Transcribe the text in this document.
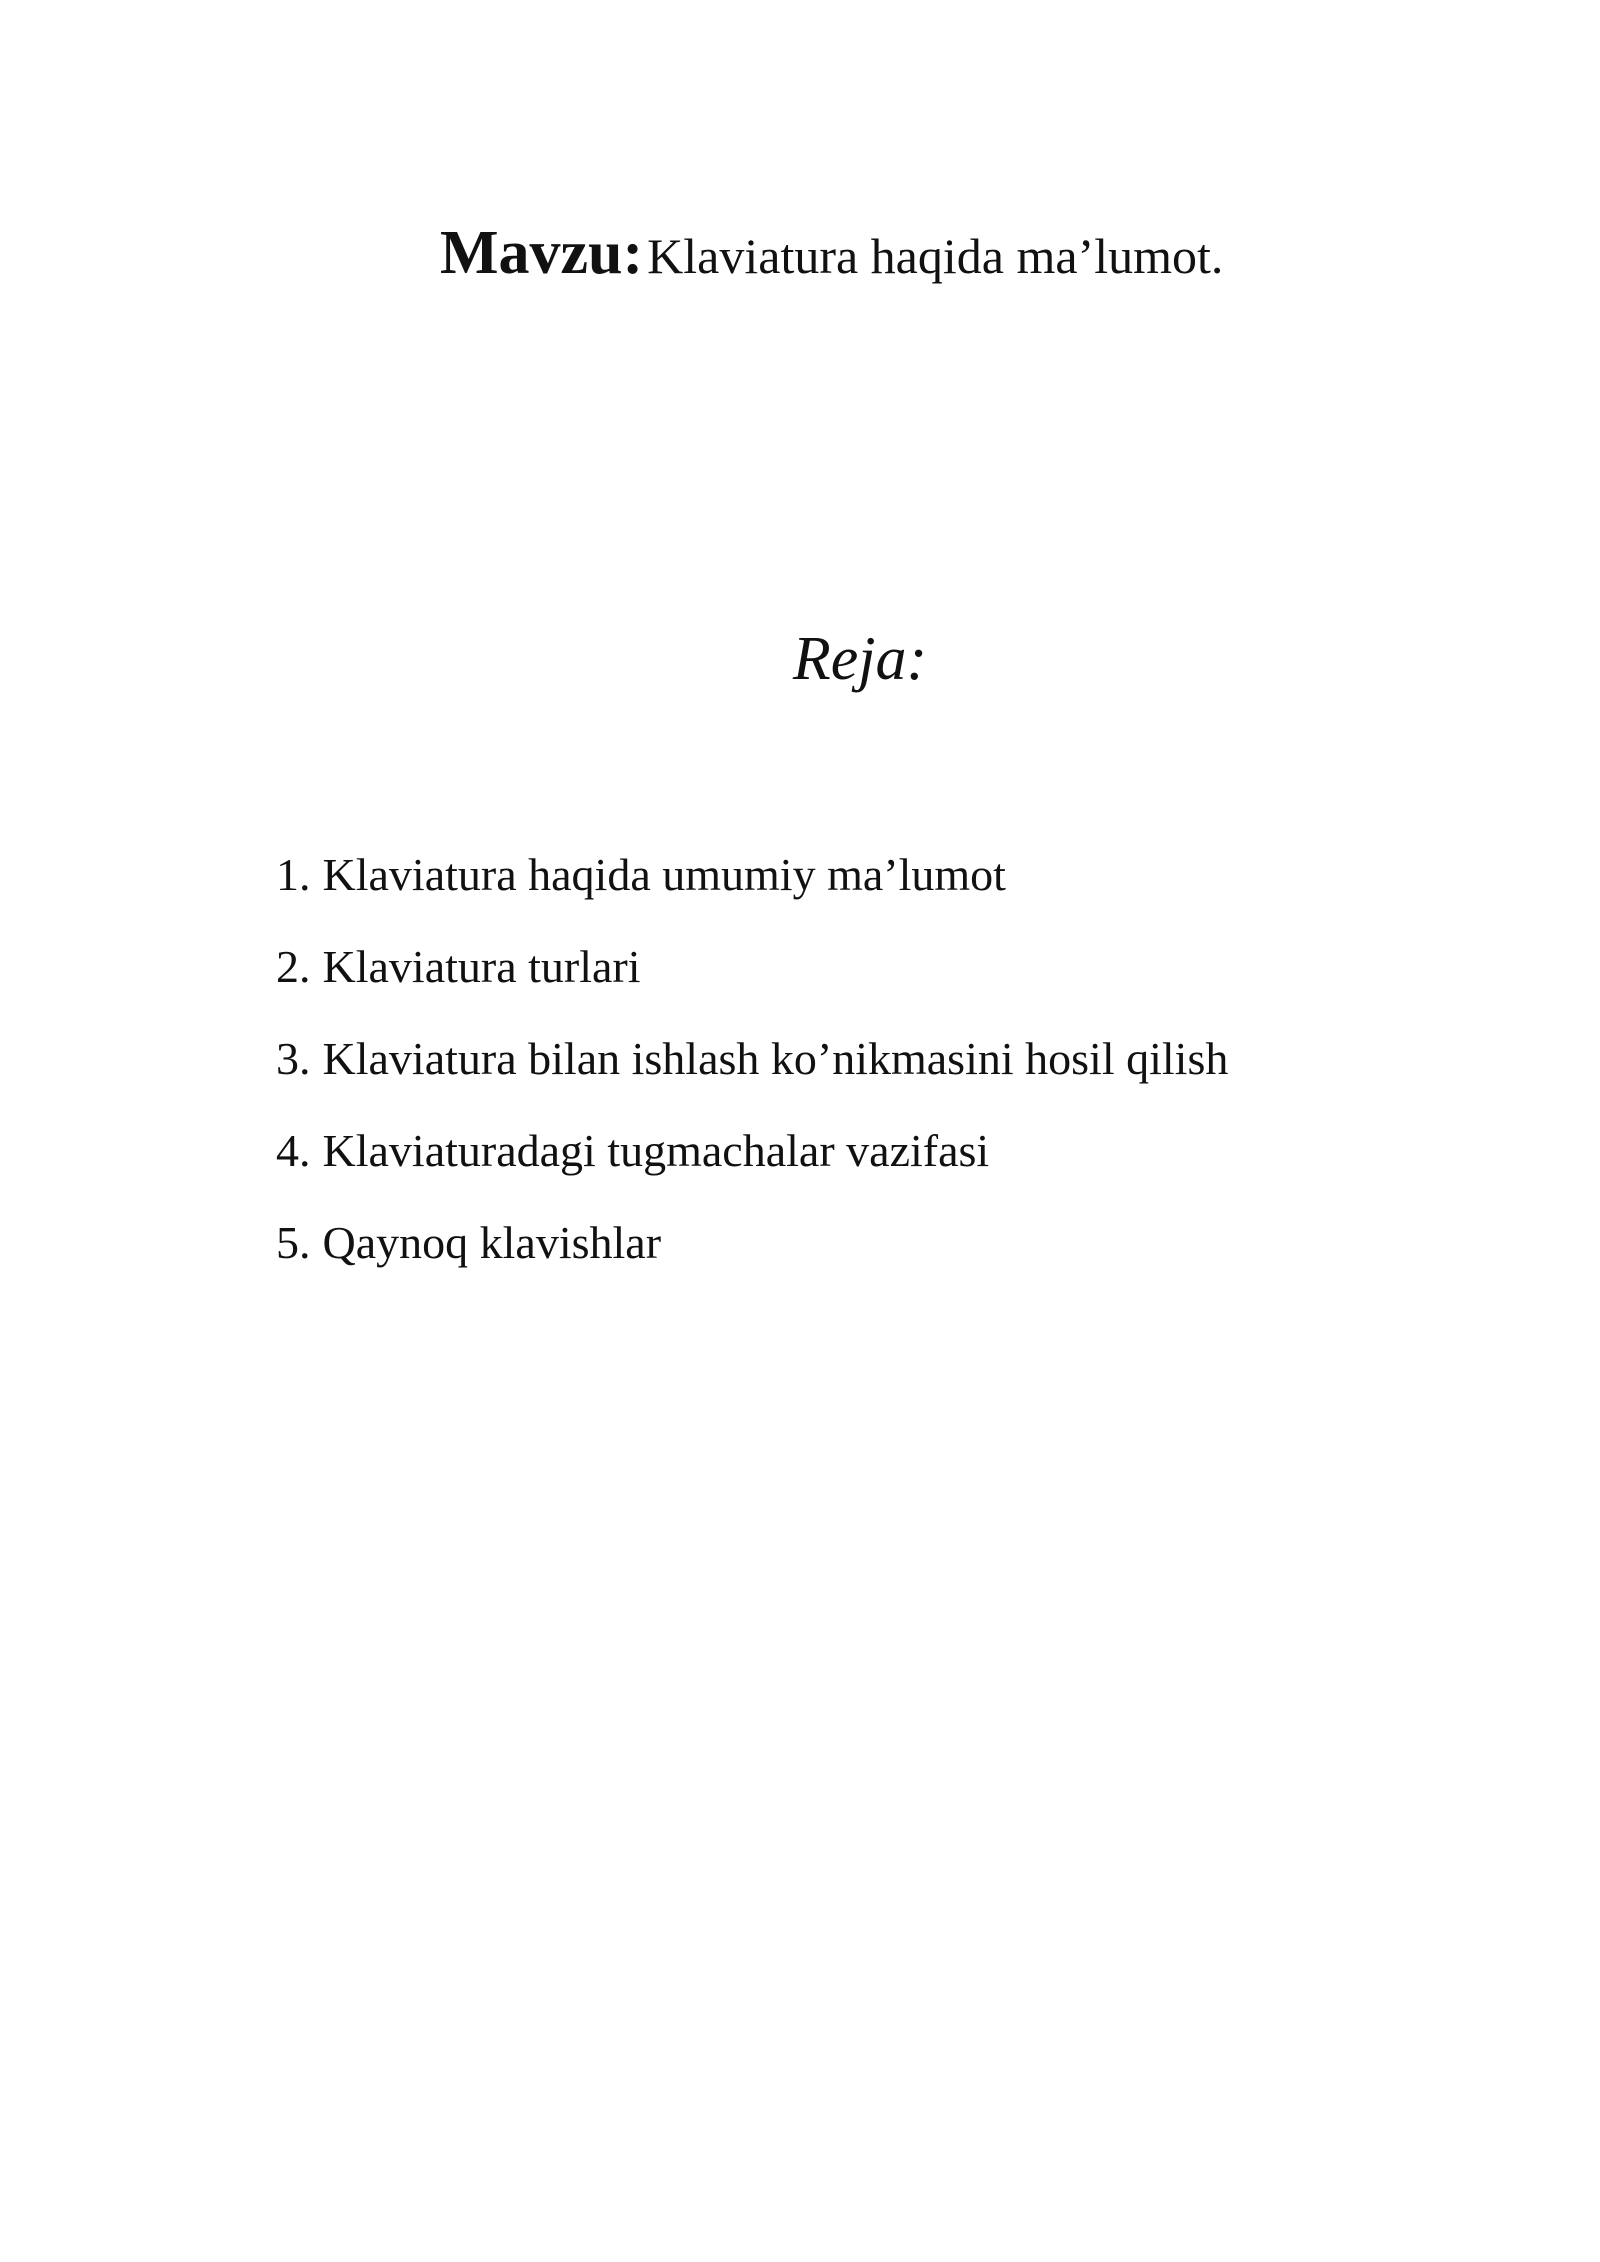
Mavzu: Klaviatura haqida ma’lumot.
Reja:
1. Klaviatura haqida umumiy ma’lumot
2. Klaviatura turlari
3. Klaviatura bilan ishlash ko’nikmasini hosil qilish
4. Klaviaturadagi tugmachalar vazifasi
5. Qaynoq klavishlar
